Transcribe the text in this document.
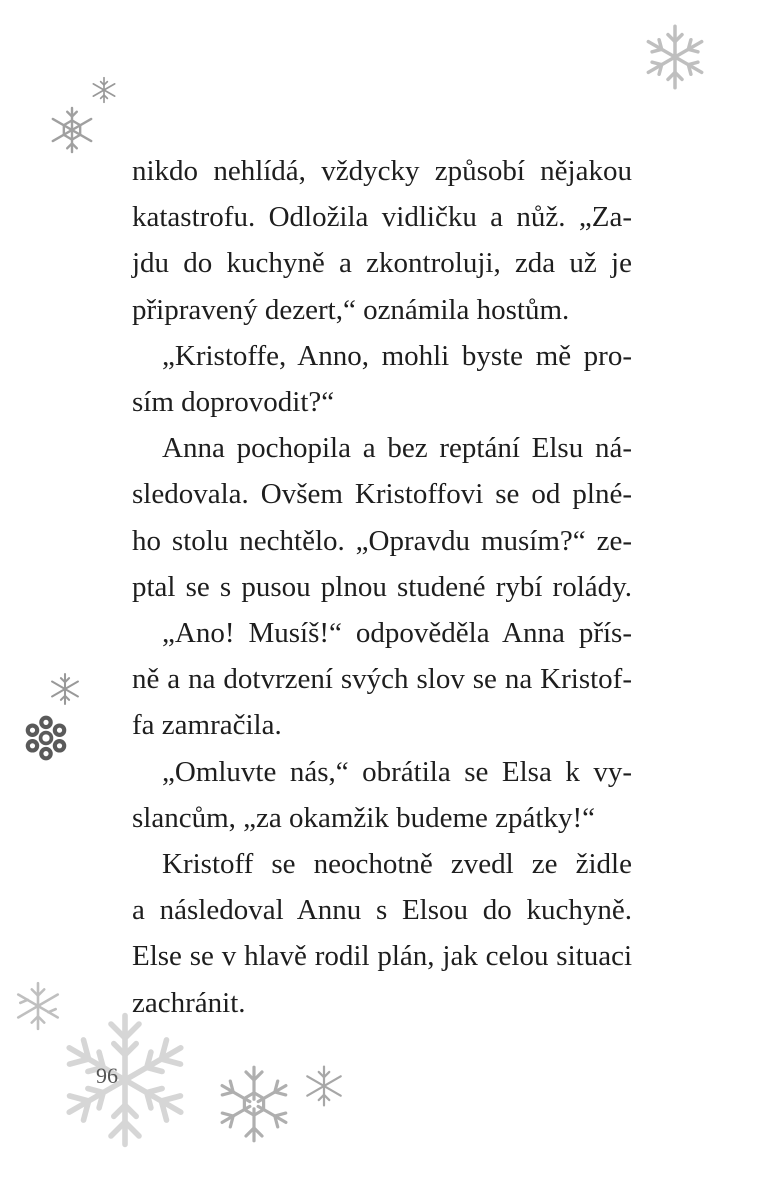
nikdo nehlídá, vždycky způsobí nějakou
katastrofu. Odložila vidličku a nůž. „Za-
jdu do kuchyně a zkontroluji, zda už je
připravený dezert,“ oznámila hostům.
„Kristoffe, Anno, mohli byste mě pro-
sím doprovodit?“
Anna pochopila a bez reptání Elsu ná-
sledovala. Ovšem Kristoffovi se od plné-
ho stolu nechtělo. „Opravdu musím?“ ze-
ptal se s pusou plnou studené rybí rolády.
„Ano! Musíš!“ odpověděla Anna přís-
ně a na dotvrzení svých slov se na Kristof-
fa zamračila.
„Omluvte nás,“ obrátila se Elsa k vy-
slancům, „za okamžik budeme zpátky!“
Kristoff se neochotně zvedl ze židle
a následoval Annu s Elsou do kuchyně.
Else se v hlavě rodil plán, jak celou situaci
zachránit.
96
